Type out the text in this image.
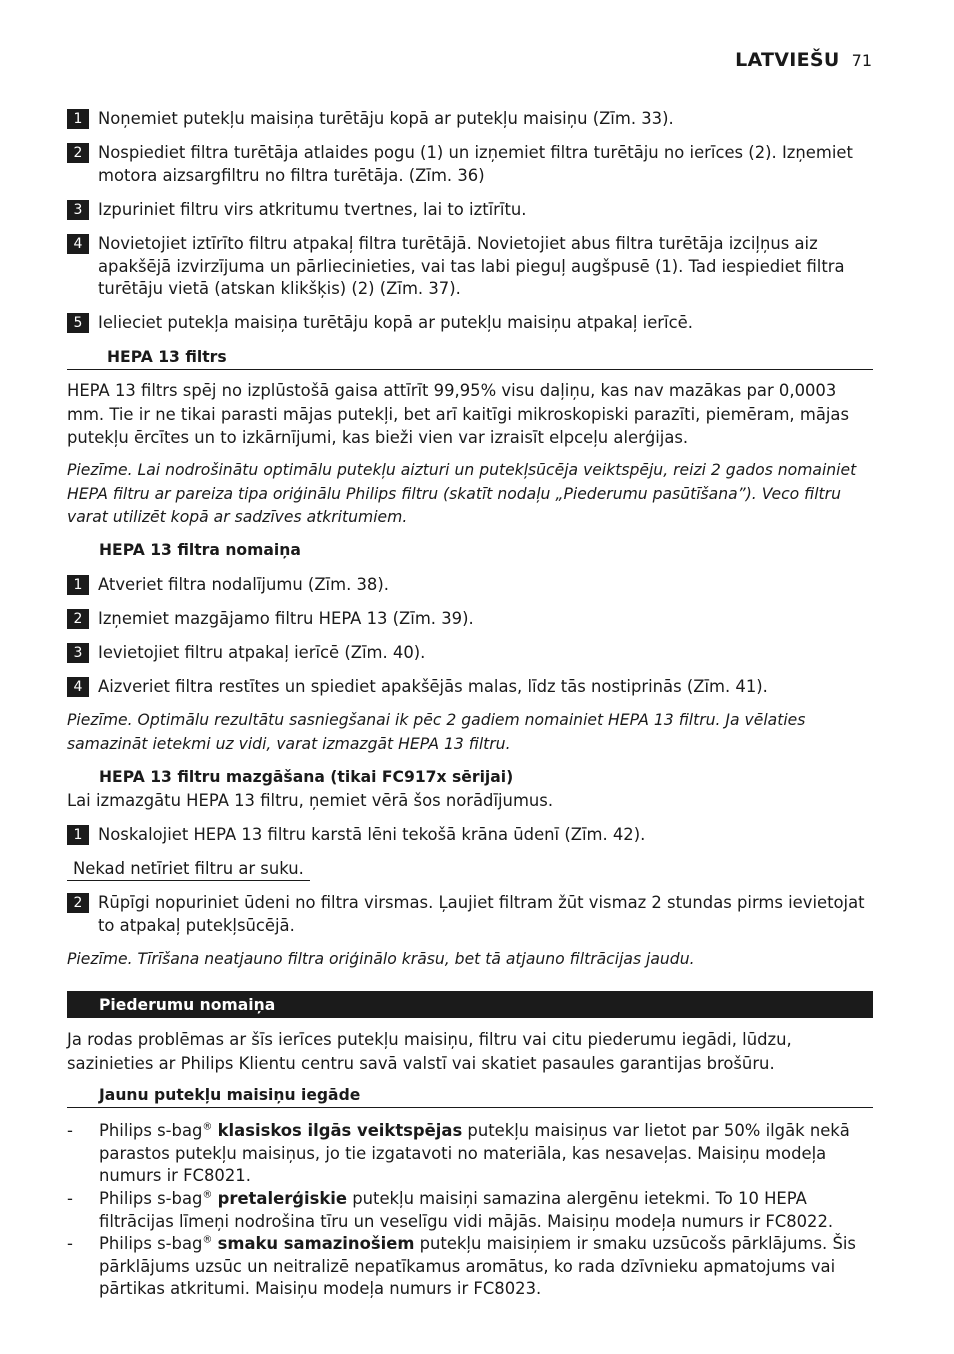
LATVIEŠU 71
1 Noņemiet putekļu maisiņa turētāju kopā ar putekļu maisiņu (Zīm. 33).
2 Nospiediet filtra turētāja atlaides pogu (1) un izņemiet filtra turētāju no ierīces (2). Izņemiet motora aizsargfiltru no filtra turētāja. (Zīm. 36)
3 Izpuriniet filtru virs atkritumu tvertnes, lai to iztīrītu.
4 Novietojiet iztīrīto filtru atpakaļ filtra turētājā. Novietojiet abus filtra turētāja izciļņus aiz apakšējā izvirzījuma un pārliecinieties, vai tas labi pieguļ augšpusē (1). Tad iespiediet filtra turētāju vietā (atskan klikšķis) (2) (Zīm. 37).
5 Ielieciet putekļa maisiņa turētāju kopā ar putekļu maisiņu atpakaļ ierīcē.
HEPA 13 filtrs
HEPA 13 filtrs spēj no izplūstošā gaisa attīrīt 99,95% visu daļiņu, kas nav mazākas par 0,0003 mm. Tie ir ne tikai parasti mājas putekļi, bet arī kaitīgi mikroskopiski parazīti, piemēram, mājas putekļu ērcītes un to izkārnījumi, kas bieži vien var izraisīt elpceļu alerģijas.
Piezīme. Lai nodrošinātu optimālu putekļu aizturi un putekļsūcēja veiktspēju, reizi 2 gados nomainiet HEPA filtru ar pareiza tipa oriģinālu Philips filtru (skatīt nodaļu „Piederumu pasūtīšana”). Veco filtru varat utilizēt kopā ar sadzīves atkritumiem.
HEPA 13 filtra nomaiņa
1 Atveriet filtra nodalījumu (Zīm. 38).
2 Izņemiet mazgājamo filtru HEPA 13 (Zīm. 39).
3 Ievietojiet filtru atpakaļ ierīcē (Zīm. 40).
4 Aizveriet filtra restītes un spiediet apakšējās malas, līdz tās nostiprinās (Zīm. 41).
Piezīme. Optimālu rezultātu sasniegšanai ik pēc 2 gadiem nomainiet HEPA 13 filtru. Ja vēlaties samazināt ietekmi uz vidi, varat izmazgāt HEPA 13 filtru.
HEPA 13 filtru mazgāšana (tikai FC917x sērijai)
Lai izmazgātu HEPA 13 filtru, ņemiet vērā šos norādījumus.
1 Noskalojiet HEPA 13 filtru karstā lēni tekošā krāna ūdenī (Zīm. 42).
Nekad netīriet filtru ar suku.
2 Rūpīgi nopuriniet ūdeni no filtra virsmas. Ļaujiet filtram žūt vismaz 2 stundas pirms ievietojat to atpakaļ putekļsūcējā.
Piezīme. Tīrīšana neatjauno filtra oriģinālo krāsu, bet tā atjauno filtrācijas jaudu.
Piederumu nomaiņa
Ja rodas problēmas ar šīs ierīces putekļu maisiņu, filtru vai citu piederumu iegādi, lūdzu, sazinieties ar Philips Klientu centru savā valstī vai skatiet pasaules garantijas brošūru.
Jaunu putekļu maisiņu iegāde
-	Philips s-bag® klasiskos ilgās veiktspējas putekļu maisiņus var lietot par 50% ilgāk nekā parastos putekļu maisiņus, jo tie izgatavoti no materiāla, kas nesaveļas. Maisiņu modeļa numurs ir FC8021.
-	Philips s-bag® pretalerģiskie putekļu maisiņi samazina alergēnu ietekmi. To 10 HEPA filtrācijas līmeņi nodrošina tīru un veselīgu vidi mājās. Maisiņu modeļa numurs ir FC8022.
-	Philips s-bag® smaku samazinošiem putekļu maisiņiem ir smaku uzsūcošs pārklājums. Šis pārklājums uzsūc un neitralizē nepatīkamus aromātus, ko rada dzīvnieku apmatojums vai pārtikas atkritumi. Maisiņu modeļa numurs ir FC8023.
